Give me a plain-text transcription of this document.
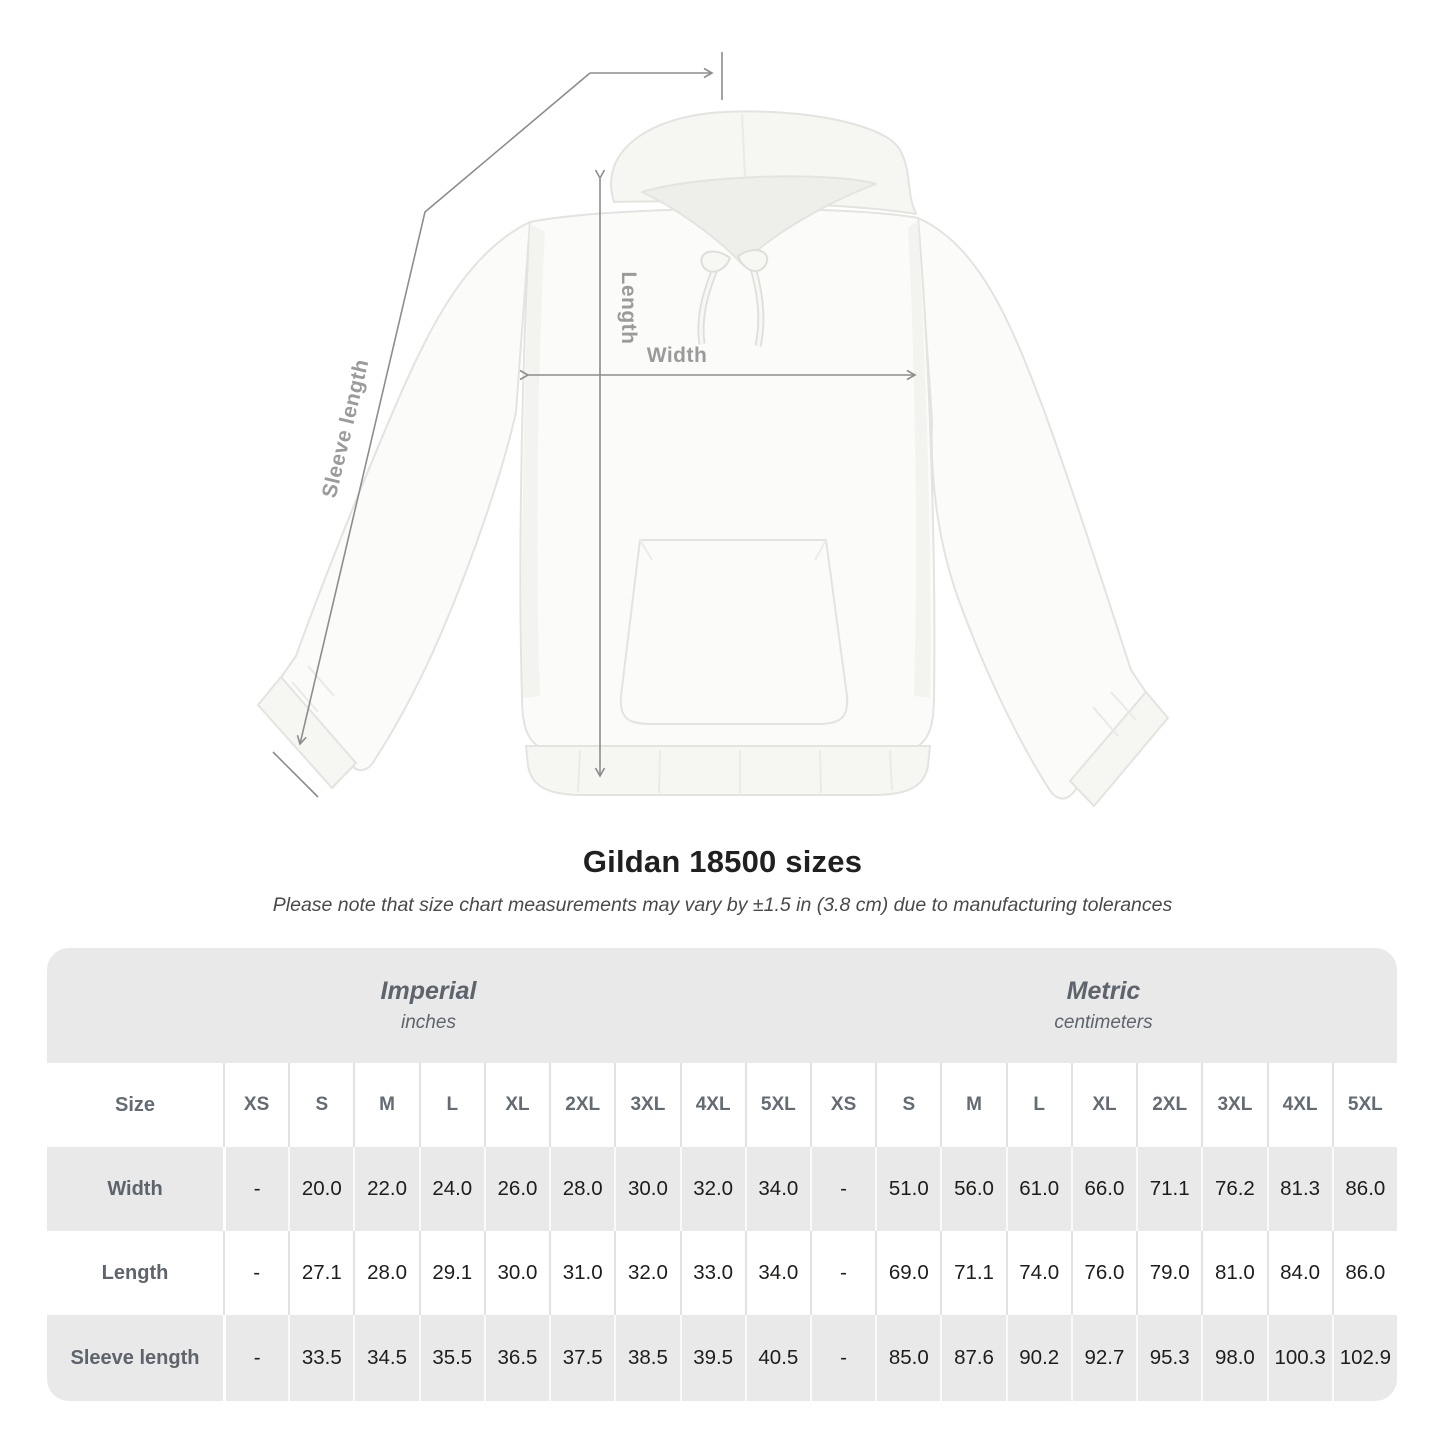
Width
Length
Sleeve length
Gildan 18500 sizes
Please note that size chart measurements may vary by ±1.5 in (3.8 cm) due to manufacturing tolerances
Imperial
inches										Metric
centimeters								

Size	XS	S	M	L	XL	2XL	3XL	4XL	5XL	XS	S	M	L	XL	2XL	3XL	4XL	5XL
Width	-	20.0	22.0	24.0	26.0	28.0	30.0	32.0	34.0	-	51.0	56.0	61.0	66.0	71.1	76.2	81.3	86.0
Length	-	27.1	28.0	29.1	30.0	31.0	32.0	33.0	34.0	-	69.0	71.1	74.0	76.0	79.0	81.0	84.0	86.0
Sleeve length	-	33.5	34.5	35.5	36.5	37.5	38.5	39.5	40.5	-	85.0	87.6	90.2	92.7	95.3	98.0	100.3	102.9
